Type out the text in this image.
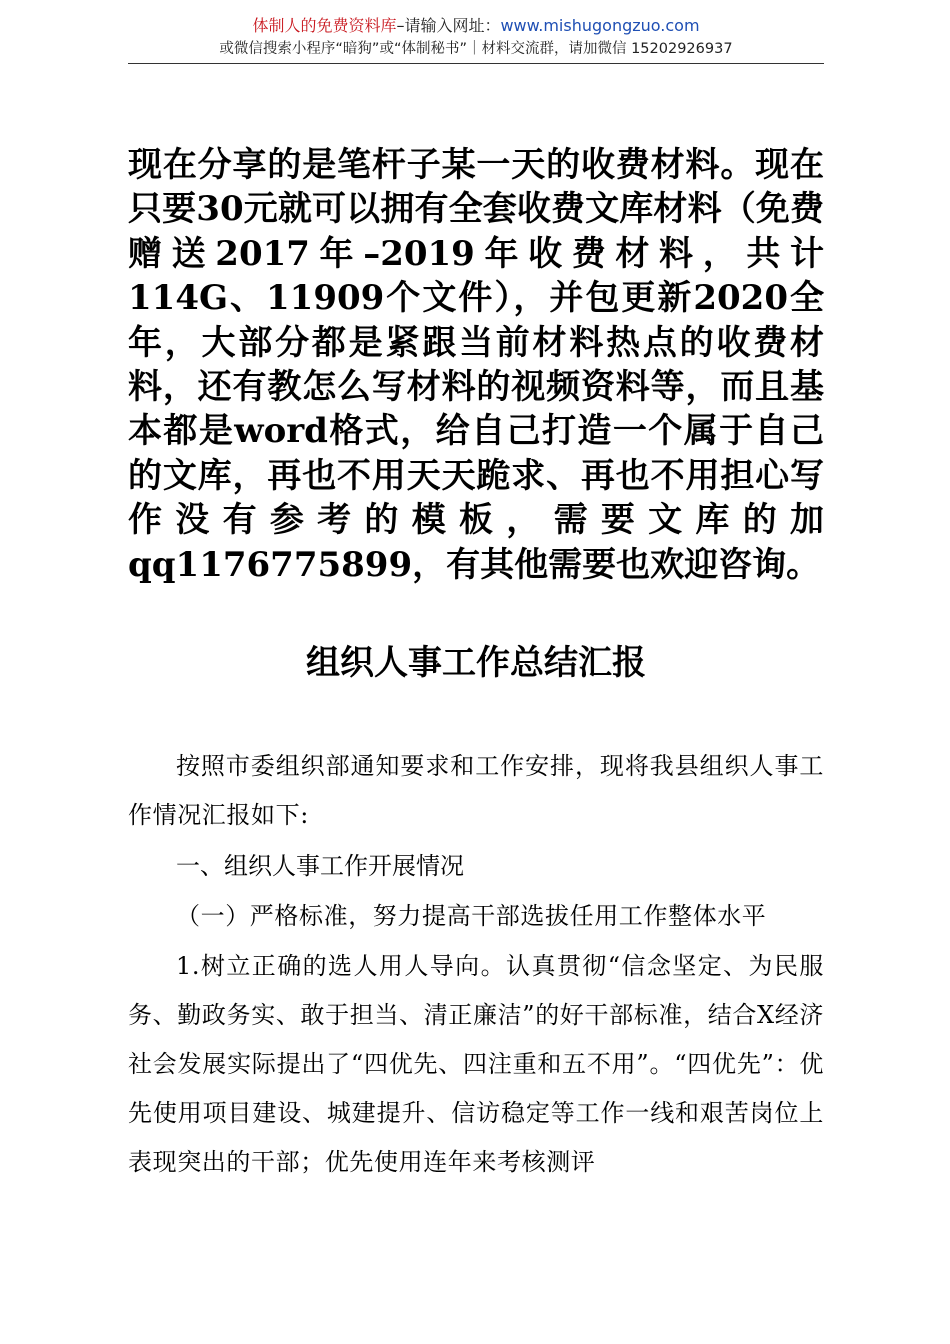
体制人的免费资料库–请输入网址：www.mishugongzuo.com
或微信搜索小程序“暗狗”或“体制秘书”｜材料交流群，请加微信 15202926937

现在分享的是笔杆子某一天的收费材料。现在只要30元就可以拥有全套收费文库材料（免费赠送2017年–2019年收费材料，共计114G、11909个文件），并包更新2020全年，大部分都是紧跟当前材料热点的收费材料，还有教怎么写材料的视频资料等，而且基本都是word格式，给自己打造一个属于自己的文库，再也不用天天跪求、再也不用担心写作没有参考的模板，需要文库的加qq1176775899，有其他需要也欢迎咨询。

组织人事工作总结汇报

按照市委组织部通知要求和工作安排，现将我县组织人事工作情况汇报如下:

一、组织人事工作开展情况

（一）严格标准，努力提高干部选拔任用工作整体水平

1.树立正确的选人用人导向。认真贯彻“信念坚定、为民服务、勤政务实、敢于担当、清正廉洁”的好干部标准，结合X经济社会发展实际提出了“四优先、四注重和五不用”。“四优先”：优先使用项目建设、城建提升、信访稳定等工作一线和艰苦岗位上表现突出的干部；优先使用连年来考核测评
